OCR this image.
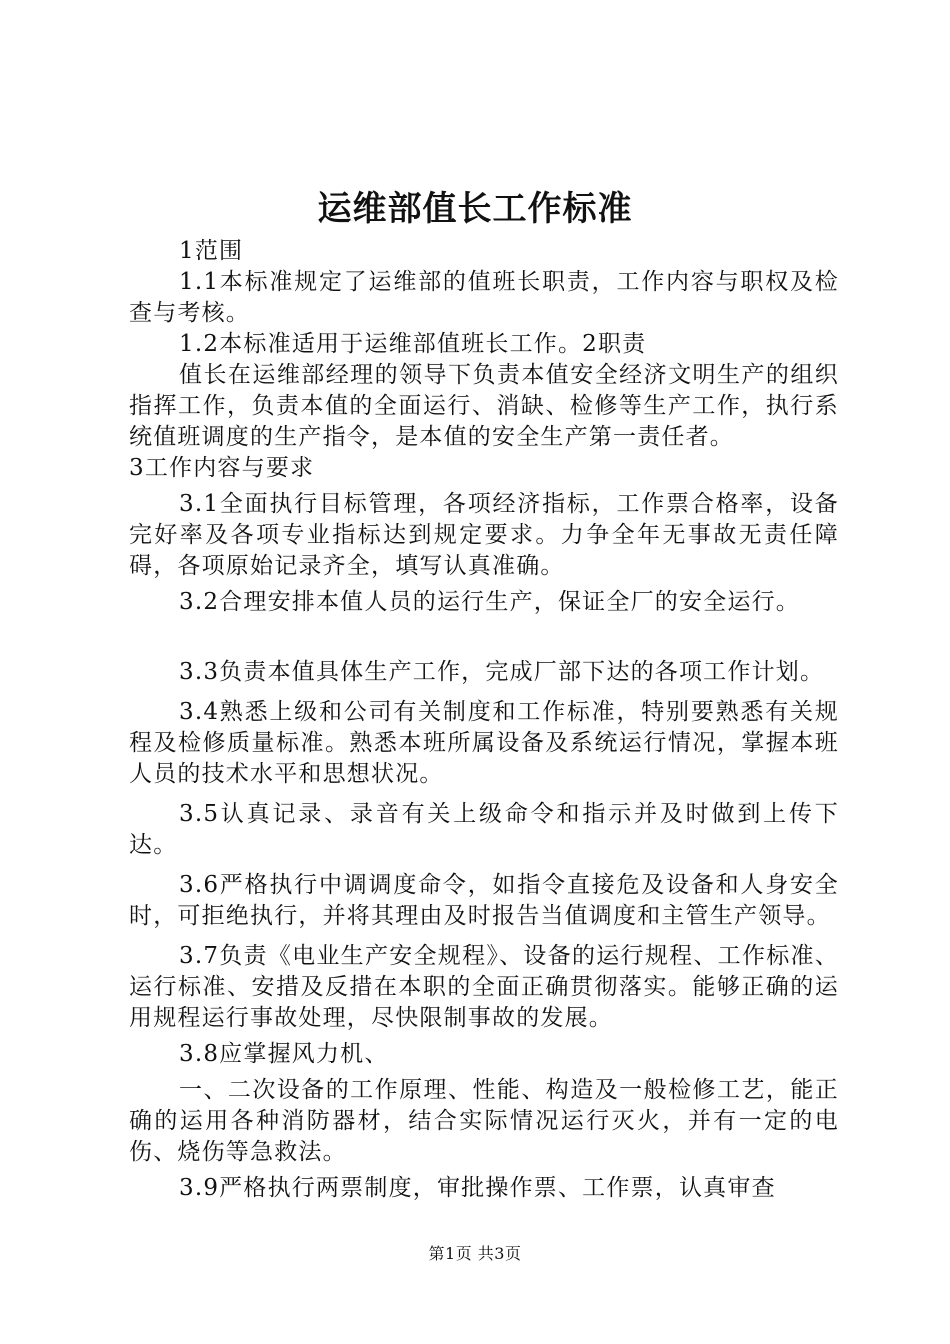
运维部值长工作标准

1范围

1.1本标准规定了运维部的值班长职责，工作内容与职权及检查与考核。

1.2本标准适用于运维部值班长工作。2职责

值长在运维部经理的领导下负责本值安全经济文明生产的组织指挥工作，负责本值的全面运行、消缺、检修等生产工作，执行系统值班调度的生产指令，是本值的安全生产第一责任者。

3工作内容与要求

3.1全面执行目标管理，各项经济指标，工作票合格率，设备完好率及各项专业指标达到规定要求。力争全年无事故无责任障碍，各项原始记录齐全，填写认真准确。

3.2合理安排本值人员的运行生产，保证全厂的安全运行。

3.3负责本值具体生产工作，完成厂部下达的各项工作计划。

3.4熟悉上级和公司有关制度和工作标准，特别要熟悉有关规程及检修质量标准。熟悉本班所属设备及系统运行情况，掌握本班人员的技术水平和思想状况。

3.5认真记录、录音有关上级命令和指示并及时做到上传下达。

3.6严格执行中调调度命令，如指令直接危及设备和人身安全时，可拒绝执行，并将其理由及时报告当值调度和主管生产领导。

3.7负责《电业生产安全规程》、设备的运行规程、工作标准、运行标准、安措及反措在本职的全面正确贯彻落实。能够正确的运用规程运行事故处理，尽快限制事故的发展。

3.8应掌握风力机、

一、二次设备的工作原理、性能、构造及一般检修工艺，能正确的运用各种消防器材，结合实际情况运行灭火，并有一定的电伤、烧伤等急救法。

3.9严格执行两票制度，审批操作票、工作票，认真审查

第1页 共3页
